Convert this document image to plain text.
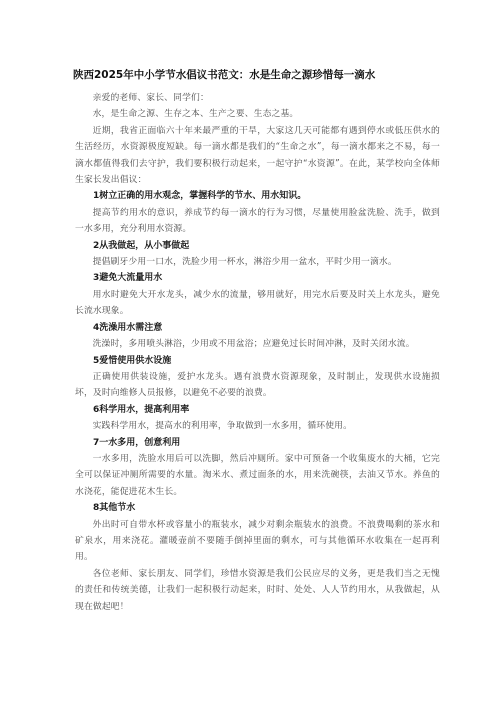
陕西2025年中小学节水倡议书范文：水是生命之源珍惜每一滴水

亲爱的老师、家长、同学们：

水，是生命之源、生存之本、生产之要、生态之基。

近期，我省正面临六十年来最严重的干旱，大家这几天可能都有遇到停水或低压供水的生活经历，水资源极度短缺。每一滴水都是我们的“生命之水”，每一滴水都来之不易，每一滴水都值得我们去守护，我们要积极行动起来，一起守护“水资源”。在此，某学校向全体师生家长发出倡议：

1树立正确的用水观念，掌握科学的节水、用水知识。

提高节约用水的意识，养成节约每一滴水的行为习惯，尽量使用脸盆洗脸、洗手，做到一水多用，充分利用水资源。

2从我做起，从小事做起

提倡刷牙少用一口水，洗脸少用一杯水，淋浴少用一盆水，平时少用一滴水。

3避免大流量用水

用水时避免大开水龙头，减少水的流量，够用就好，用完水后要及时关上水龙头，避免长流水现象。

4洗澡用水需注意

洗澡时，多用喷头淋浴，少用或不用盆浴；应避免过长时间冲淋，及时关闭水流。

5爱惜使用供水设施

正确使用供装设施，爱护水龙头。遇有浪费水资源现象，及时制止，发现供水设施损坏，及时向维修人员报修，以避免不必要的浪费。

6科学用水，提高利用率

实践科学用水，提高水的利用率，争取做到一水多用，循环使用。

7一水多用，创意利用

一水多用，洗脸水用后可以洗脚，然后冲厕所。家中可预备一个收集废水的大桶，它完全可以保证冲厕所需要的水量。淘米水、煮过面条的水，用来洗碗筷，去油又节水。养鱼的水浇花，能促进花木生长。

8其他节水

外出时可自带水杯或容量小的瓶装水，减少对剩余瓶装水的浪费。不浪费喝剩的茶水和矿泉水，用来浇花。灌暖壶前不要随手倒掉里面的剩水，可与其他循环水收集在一起再利用。

各位老师、家长朋友、同学们，珍惜水资源是我们公民应尽的义务，更是我们当之无愧的责任和传统美德，让我们一起积极行动起来，时时、处处、人人节约用水，从我做起，从现在做起吧！
